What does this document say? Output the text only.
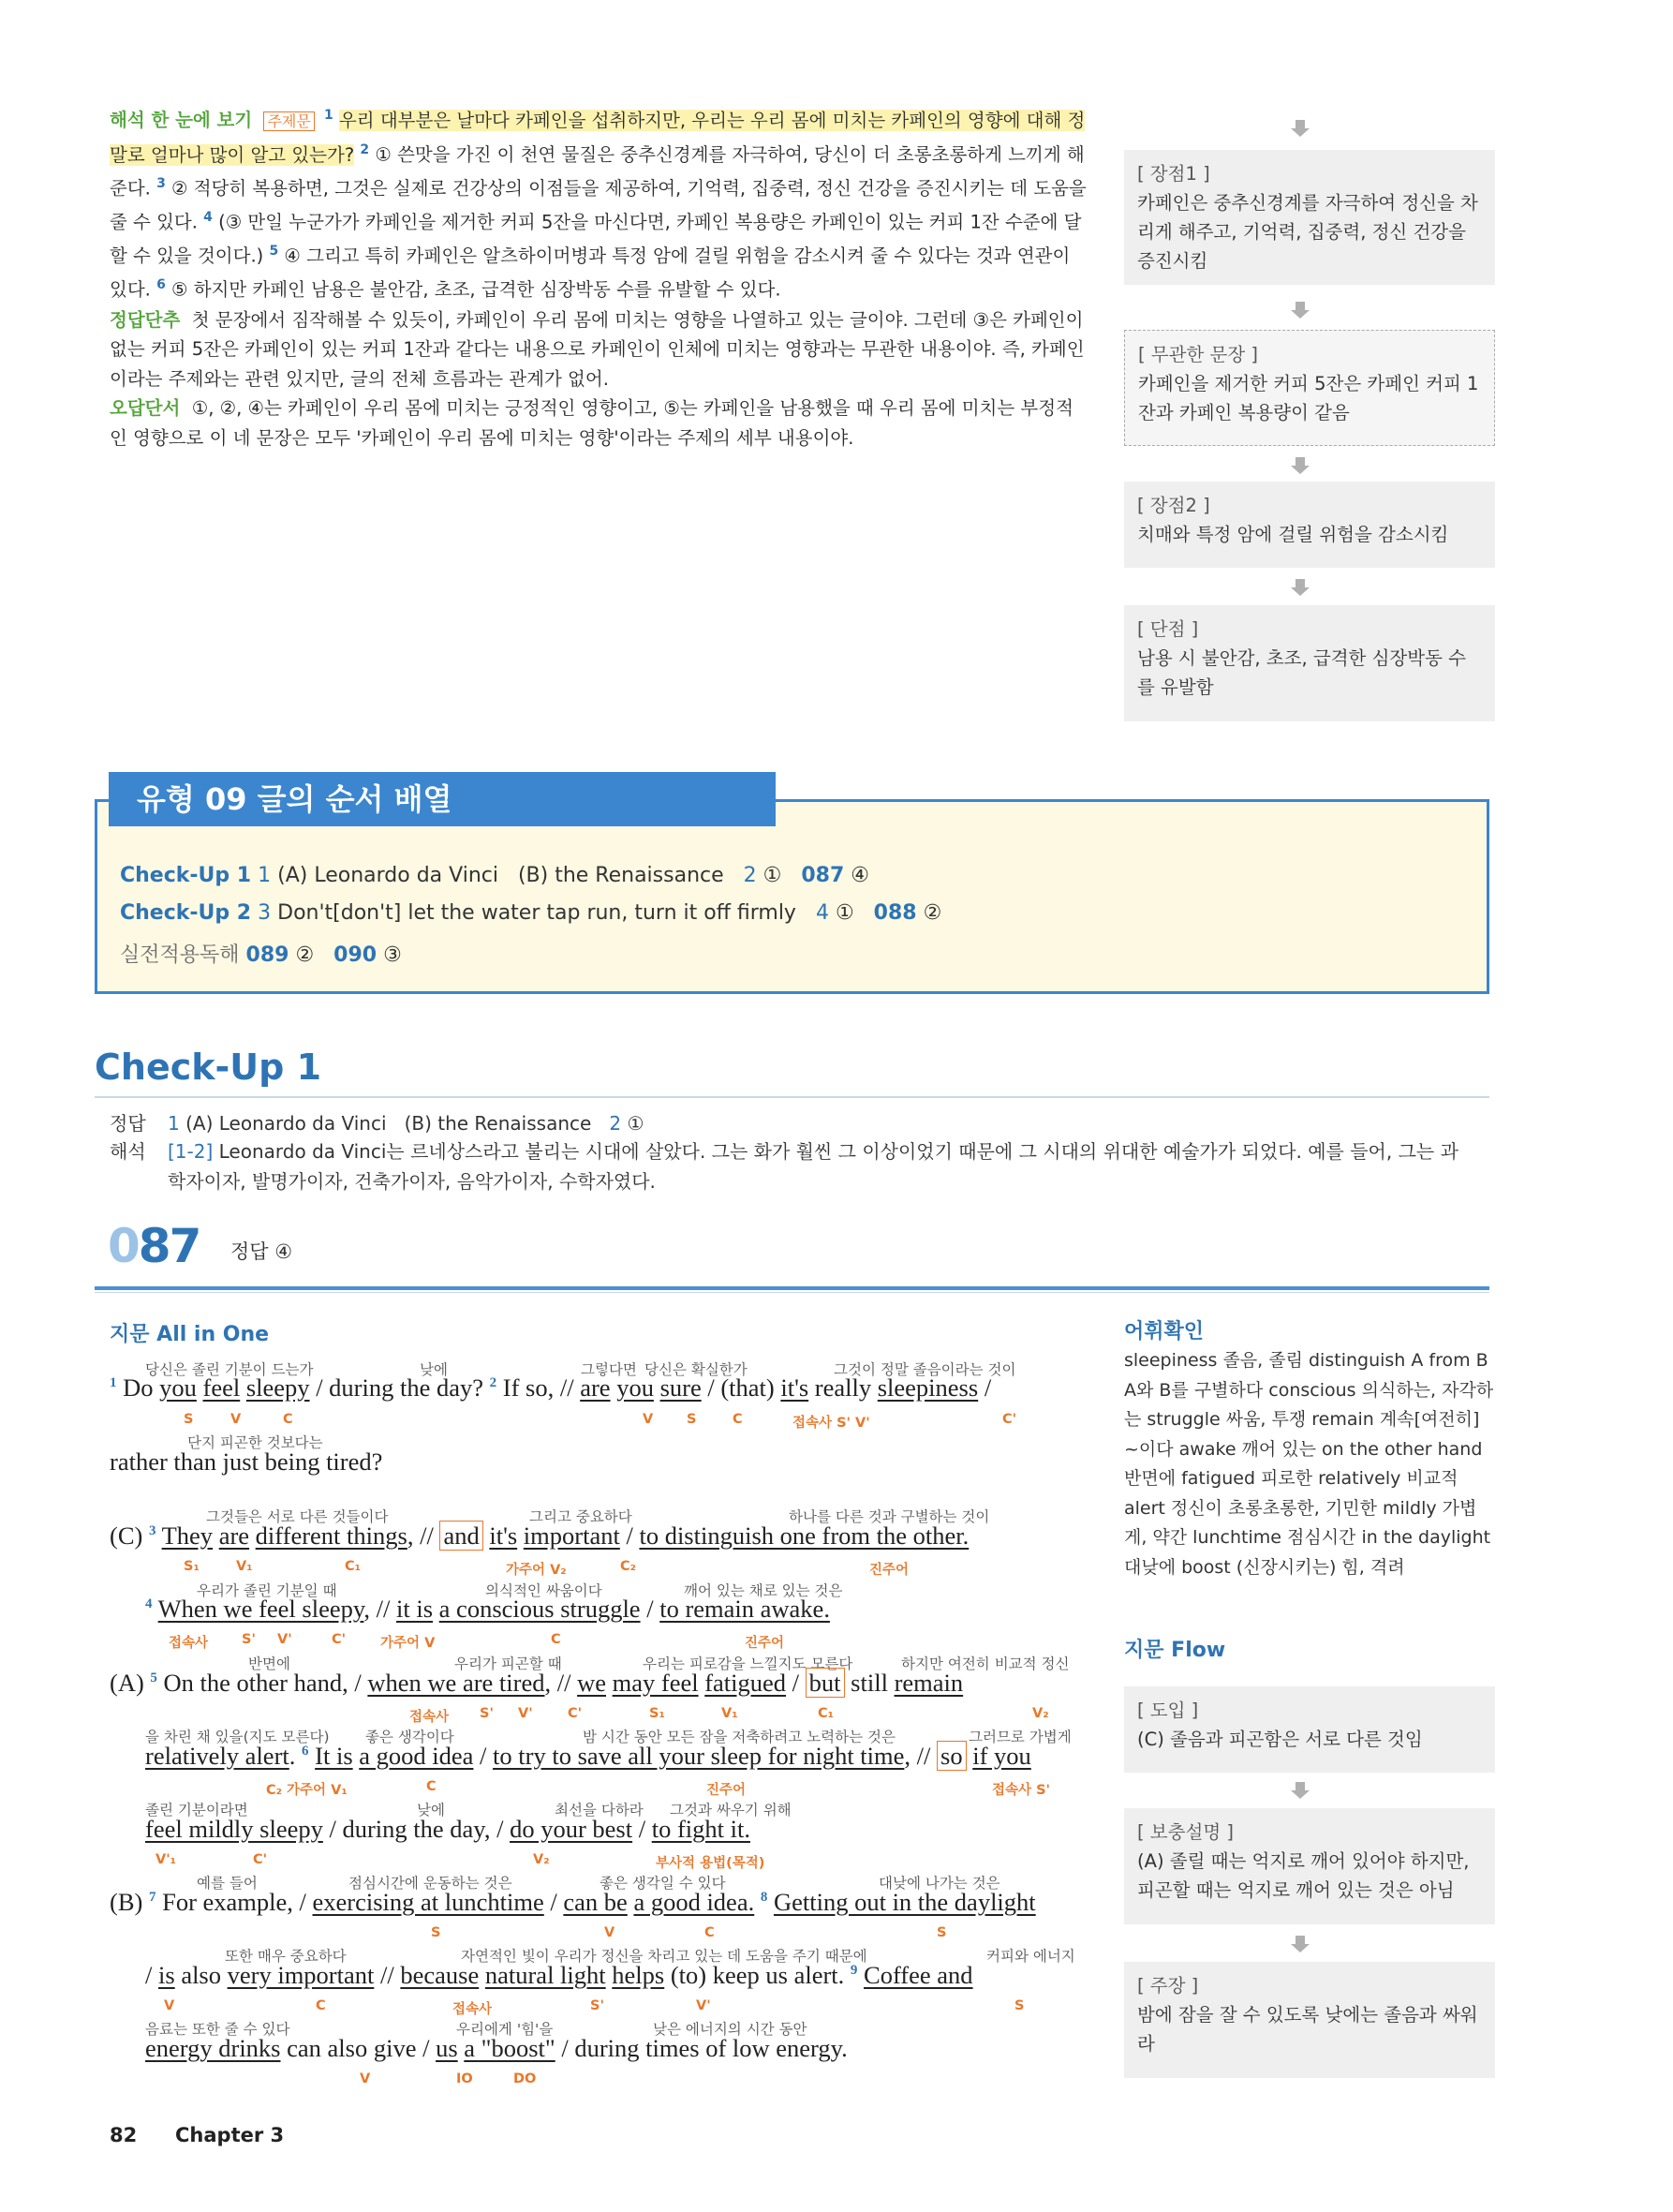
해석 한 눈에 보기 주제문 $^1$ 우리 대부분은 날마다 카페인을 섭취하지만, 우리는 우리 몸에 미치는 카페인의 영향에 대해 정말로 얼마나 많이 알고 있는가? $^2$ ① 쓴맛을 가진 이 천연 물질은 중추신경계를 자극하여, 당신이 더 초롱초롱하게 느끼게 해준다. $^3$ ② 적당히 복용하면, 그것은 실제로 건강상의 이점들을 제공하여, 기억력, 집중력, 정신 건강을 증진시키는 데 도움을 줄 수 있다. $^4$ (③ 만일 누군가가 카페인을 제거한 커피 5잔을 마신다면, 카페인 복용량은 카페인이 있는 커피 1잔 수준에 달할 수 있을 것이다.) $^5$ ④ 그리고 특히 카페인은 알츠하이머병과 특정 암에 걸릴 위험을 감소시켜 줄 수 있다는 것과 연관이 있다. $^6$ ⑤ 하지만 카페인 남용은 불안감, 초조, 급격한 심장박동 수를 유발할 수 있다.

정답단추 첫 문장에서 짐작해볼 수 있듯이, 카페인이 우리 몸에 미치는 영향을 나열하고 있는 글이야. 그런데 ③은 카페인이 없는 커피 5잔은 카페인이 있는 커피 1잔과 같다는 내용으로 카페인이 인체에 미치는 영향과는 무관한 내용이야. 즉, 카페인이라는 주제와는 관련 있지만, 글의 전체 흐름과는 관계가 없어.

오답단서 ①, ②, ④는 카페인이 우리 몸에 미치는 긍정적인 영향이고, ⑤는 카페인을 남용했을 때 우리 몸에 미치는 부정적인 영향으로 이 네 문장은 모두 '카페인이 우리 몸에 미치는 영향'이라는 주제의 세부 내용이야.

[ 장점1 ]
카페인은 중추신경계를 자극하여 정신을 차리게 해주고, 기억력, 집중력, 정신 건강을 증진시킴
[ 무관한 문장 ]
카페인을 제거한 커피 5잔은 카페인 커피 1잔과 카페인 복용량이 같음
[ 장점2 ]
치매와 특정 암에 걸릴 위험을 감소시킴
[ 단점 ]
남용 시 불안감, 초조, 급격한 심장박동 수를 유발함
유형 09 글의 순서 배열
Check-Up 1 1 (A) Leonardo da Vinci   (B) the Renaissance 2 ① 087 ④
Check-Up 2 3 Don't[don't] let the water tap run, turn it off firmly 4 ① 088 ②
실전적용독해 089 ② 090 ③
Check-Up 1
정답 1 (A) Leonardo da Vinci   (B) the Renaissance 2 ①
해석 [1-2] Leonardo da Vinci는 르네상스라고 불리는 시대에 살았다. 그는 화가 훨씬 그 이상이었기 때문에 그 시대의 위대한 예술가가 되었다. 예를 들어, 그는 과
학자이자, 발명가이자, 건축가이자, 음악가이자, 수학자였다.
087 정답 ④
지문 All in One
당신은 졸린 기분이 드는가	낮에	그렇다면 당신은 확실한가	그것이 정말 졸음이라는 것이
$^1$ Do you feel sleepy / during the day? $^2$ If so, // are you sure / (that) it's really sleepiness /
S	V	C	V S	C	접속사 S' V'	C'
단지 피곤한 것보다는
rather than just being tired?
그것들은 서로 다른 것들이다	그리고 중요하다	하나를 다른 것과 구별하는 것이
(C) $^3$ They are different things, // and it's important / to distinguish one from the other.
S₁	V₁	C₁	가주어 V₂	C₂	진주어
우리가 졸린 기분일 때	의식적인 싸움이다	깨어 있는 채로 있는 것은
$^4$ When we feel sleepy, // it is a conscious struggle / to remain awake.
접속사 S' V'	C'	가주어 V	C	진주어
반면에	우리가 피곤할 때	우리는 피로감을 느낄지도 모른다	하지만 여전히 비교적 정신
(A) $^5$ On the other hand, / when we are tired, // we may feel fatigued / but still remain
접속사 S' V'	C'	S₁	V₁	C₁	V₂
을 차린 채 있을(지도 모른다) 좋은 생각이다	밤 시간 동안 모든 잠을 저축하려고 노력하는 것은	그러므로 가볍게
relatively alert. $^6$ It is a good idea / to try to save all your sleep for night time, // so if you
C₂ 가주어 V₁	C	진주어	접속사 S'
졸린 기분이라면	낮에	최선을 다하라 그것과 싸우기 위해
feel mildly sleepy / during the day, / do your best / to fight it.
V'₁	C'	V₂	부사적 용법(목적)
예를 들어	점심시간에 운동하는 것은	좋은 생각일 수 있다	대낮에 나가는 것은
(B) $^7$ For example, / exercising at lunchtime / can be a good idea. $^8$ Getting out in the daylight
S	V	C	S
또한 매우 중요하다	자연적인 빛이 우리가 정신을 차리고 있는 데 도움을 주기 때문에	커피와 에너지
/ is also very important // because natural light helps (to) keep us alert. $^9$ Coffee and
V	C	접속사	S'	V'	S
음료는 또한 줄 수 있다	우리에게 '힘'을	낮은 에너지의 시간 동안
energy drinks can also give / us a "boost" / during times of low energy.
V	IO	DO
어휘확인
sleepiness 졸음, 졸림 distinguish A from B A와 B를 구별하다 conscious 의식하는, 자각하는 struggle 싸움, 투쟁 remain 계속[여전히] ~이다 awake 깨어 있는 on the other hand 반면에 fatigued 피로한 relatively 비교적 alert 정신이 초롱초롱한, 기민한 mildly 가볍게, 약간 lunchtime 점심시간 in the daylight 대낮에 boost (신장시키는) 힘, 격려
지문 Flow
[ 도입 ]
(C) 졸음과 피곤함은 서로 다른 것임
[ 보충설명 ]
(A) 졸릴 때는 억지로 깨어 있어야 하지만, 피곤할 때는 억지로 깨어 있는 것은 아님
[ 주장 ]
밤에 잠을 잘 수 있도록 낮에는 졸음과 싸워라
82 Chapter 3
